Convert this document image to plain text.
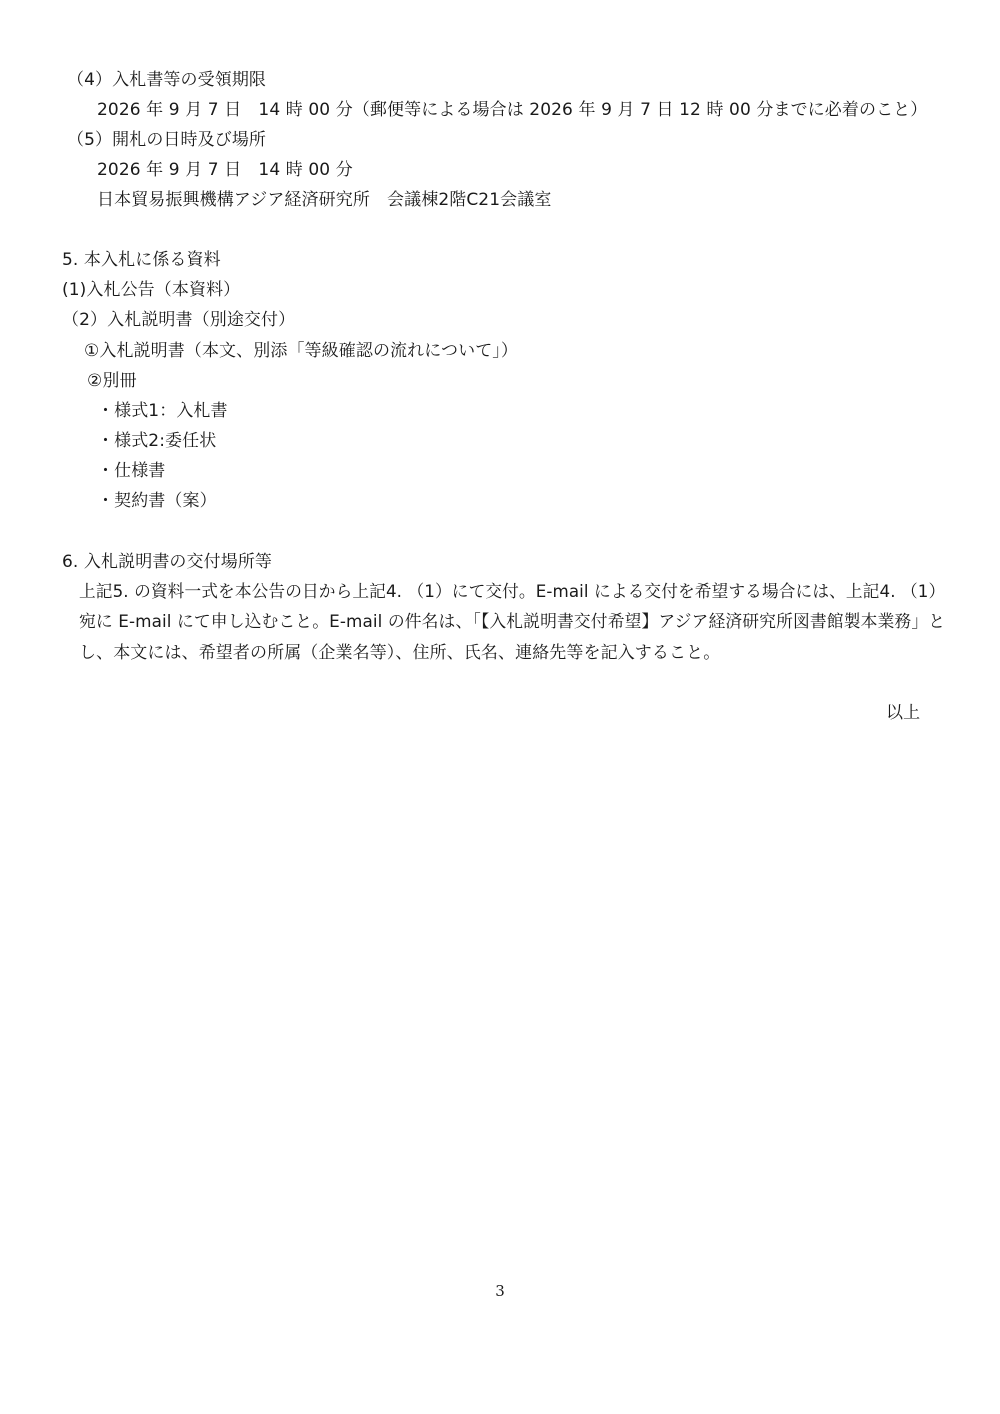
（4）入札書等の受領期限
2026 年 9 月 7 日　14 時 00 分（郵便等による場合は 2026 年 9 月 7 日 12 時 00 分までに必着のこと）
（5）開札の日時及び場所
2026 年 9 月 7 日　14 時 00 分
日本貿易振興機構アジア経済研究所　会議棟2階C21会議室
5. 本入札に係る資料
(1)入札公告（本資料）
（2）入札説明書（別途交付）
①入札説明書（本文、別添「等級確認の流れについて」）
②別冊
・様式1：入札書
・様式2:委任状
・仕様書
・契約書（案）
6. 入札説明書の交付場所等
上記5. の資料一式を本公告の日から上記4. （1）にて交付。E-mail による交付を希望する場合には、上記4. （1）
宛に E-mail にて申し込むこと。E-mail の件名は、「【入札説明書交付希望】アジア経済研究所図書館製本業務」と
し、本文には、希望者の所属（企業名等）、住所、氏名、連絡先等を記入すること。
以上
3
